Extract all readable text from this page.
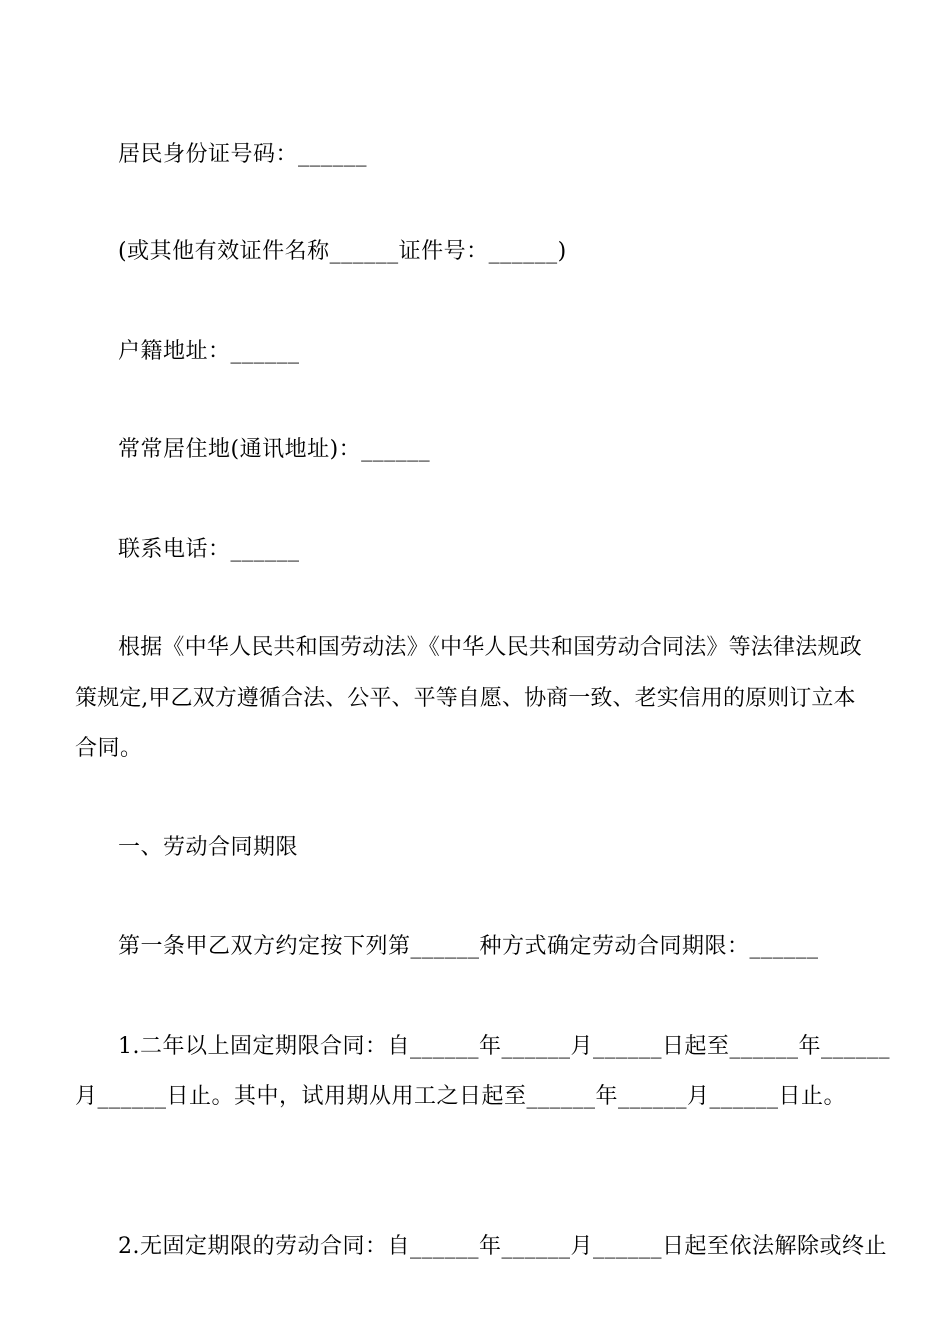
居民身份证号码：______
(或其他有效证件名称______证件号：______)
户籍地址：______
常常居住地(通讯地址)：______
联系电话：______
根据《中华人民共和国劳动法》《中华人民共和国劳动合同法》等法律法规政
策规定,甲乙双方遵循合法、公平、平等自愿、协商一致、老实信用的原则订立本
合同。
一、劳动合同期限
第一条甲乙双方约定按下列第______种方式确定劳动合同期限：______
1.二年以上固定期限合同：自______年______月______日起至______年______
月______日止。其中，试用期从用工之日起至______年______月______日止。
2.无固定期限的劳动合同：自______年______月______日起至依法解除或终止
